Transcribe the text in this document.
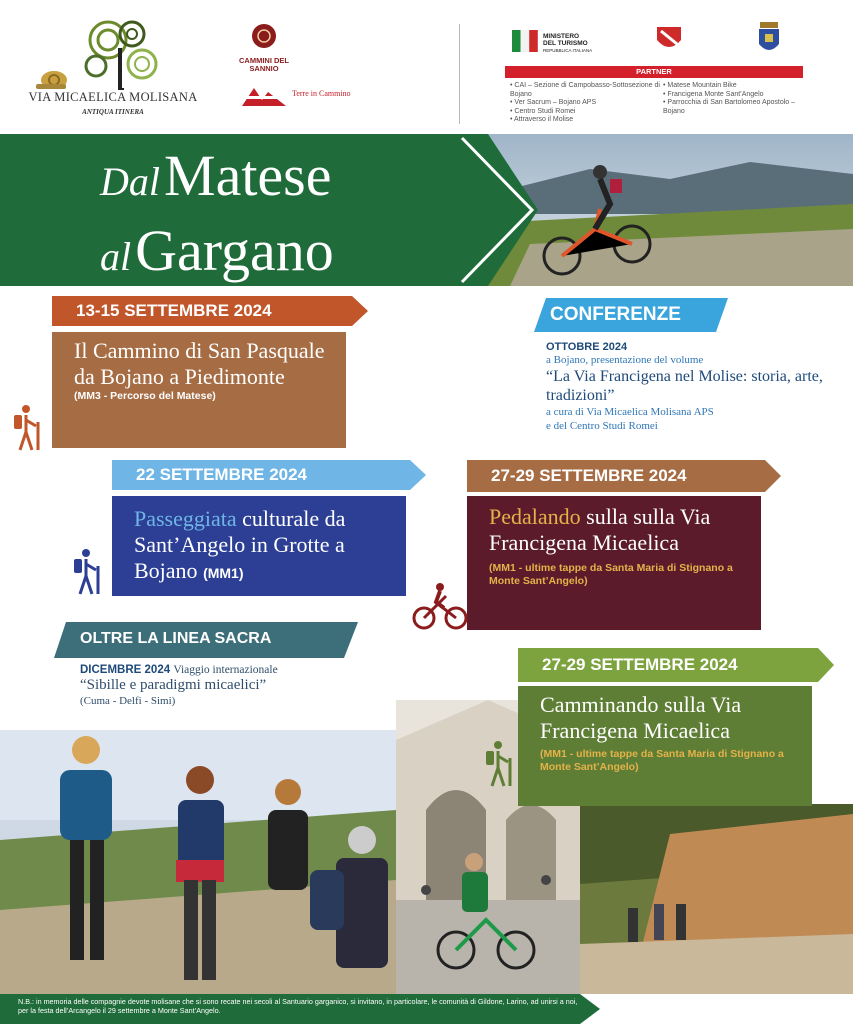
VIA MICAELICA MOLISANA
ANTIQUA ITINERA
CAMMINI DEL SANNIO
Terre in Cammino
MINISTERO
DEL TURISMO
REPUBBLICA ITALIANA
PARTNER
• CAI – Sezione di Campobasso-Sottosezione di Bojano
• Ver Sacrum – Bojano APS
• Centro Studi Romei
• Attraverso il Molise
• Matese Mountain Bike
• Francigena Monte Sant’Angelo
• Parrocchia di San Bartolomeo Apostolo – Bojano
Dal Matese
al Gargano
13-15 SETTEMBRE 2024
Il Cammino di San Pasquale da Bojano a Piedimonte
(MM3 - Percorso del Matese)
CONFERENZE
OTTOBRE 2024
a Bojano, presentazione del volume
“La Via Francigena nel Molise: storia, arte, tradizioni”
a cura di Via Micaelica Molisana APS
e del Centro Studi Romei
22 SETTEMBRE 2024
Passeggiata culturale da Sant’Angelo in Grotte a Bojano (MM1)
27-29 SETTEMBRE 2024
Pedalando sulla sulla Via Francigena Micaelica
(MM1 - ultime tappe da Santa Maria di Stignano a Monte Sant’Angelo)
OLTRE LA LINEA SACRA
DICEMBRE 2024 Viaggio internazionale
“Sibille e paradigmi micaelici”
(Cuma - Delfi - Simi)
27-29 SETTEMBRE 2024
Camminando sulla Via Francigena Micaelica
(MM1 - ultime tappe da Santa Maria di Stignano a Monte Sant’Angelo)
N.B.: in memoria delle compagnie devote molisane che si sono recate nei secoli al Santuario garganico, si invitano, in particolare, le comunità di Gildone, Larino, ad unirsi a noi, per la festa dell’Arcangelo il 29 settembre a Monte Sant’Angelo.
